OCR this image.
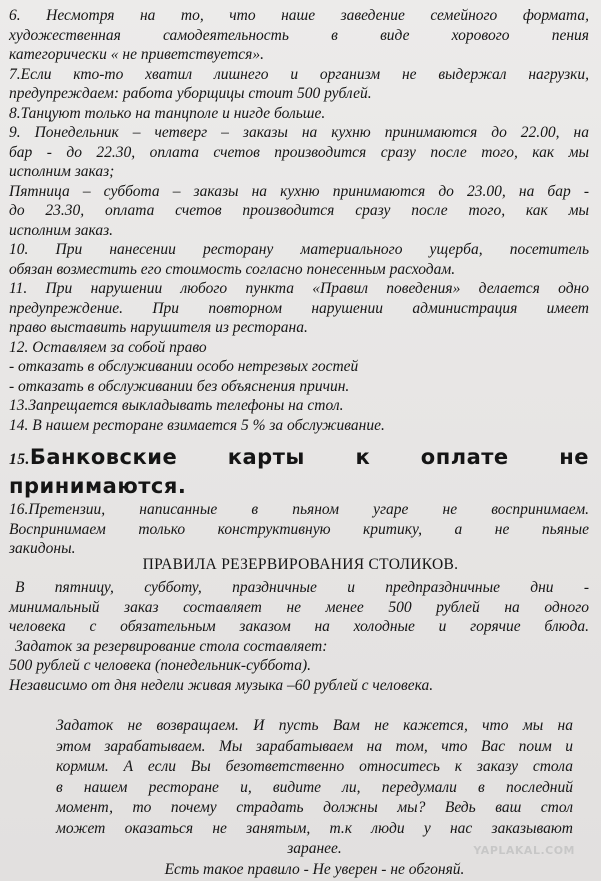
6. Несмотря на то, что наше заведение семейного формата,

художественная самодеятельность в виде хорового пения

категорически « не приветствуется».

7.Если кто-то хватил лишнего и организм не выдержал нагрузки,

предупреждаем: работа уборщицы стоит 500 рублей.

8.Танцуют только на танцполе и нигде больше.

9. Понедельник – четверг – заказы на кухню принимаются до 22.00, на

бар - до 22.30, оплата счетов производится сразу после того, как мы

исполним заказ;

Пятница – суббота – заказы на кухню принимаются до 23.00, на бар -

до 23.30, оплата счетов производится сразу после того, как мы

исполним заказ.

10. При нанесении ресторану материального ущерба, посетитель

обязан возместить его стоимость согласно понесенным расходам.

11. При нарушении любого пункта «Правил поведения» делается одно

предупреждение. При повторном нарушении администрация имеет

право выставить нарушителя из ресторана.

12. Оставляем за собой право

- отказать в обслуживании особо нетрезвых гостей

- отказать в обслуживании без объяснения причин.

13.Запрещается выкладывать телефоны на стол.

14. В нашем ресторане взимается 5 % за обслуживание.

15.Банковские карты к оплате не
принимаются.

16.Претензии, написанные в пьяном угаре не воспринимаем.

Воспринимаем только конструктивную критику, а не пьяные

закидоны.

ПРАВИЛА РЕЗЕРВИРОВАНИЯ СТОЛИКОВ.

В пятницу, субботу, праздничные и предпраздничные дни -

минимальный заказ составляет не менее 500 рублей на одного

человека с обязательным заказом на холодные и горячие блюда.

Задаток за резервирование стола составляет:

500 рублей с человека (понедельник-суббота).

Независимо от дня недели живая музыка –60 рублей с человека.

Задаток не возвращаем. И пусть Вам не кажется, что мы на
этом зарабатываем. Мы зарабатываем на том, что Вас поим и
кормим. А если Вы безответственно относитесь к заказу стола
в нашем ресторане и, видите ли, передумали в последний
момент, то почему страдать должны мы? Ведь ваш стол
может оказаться не занятым, т.к люди у нас заказывают
заранее.
Есть такое правило - Не уверен - не обгоняй.
YAPLAKAL.COM
